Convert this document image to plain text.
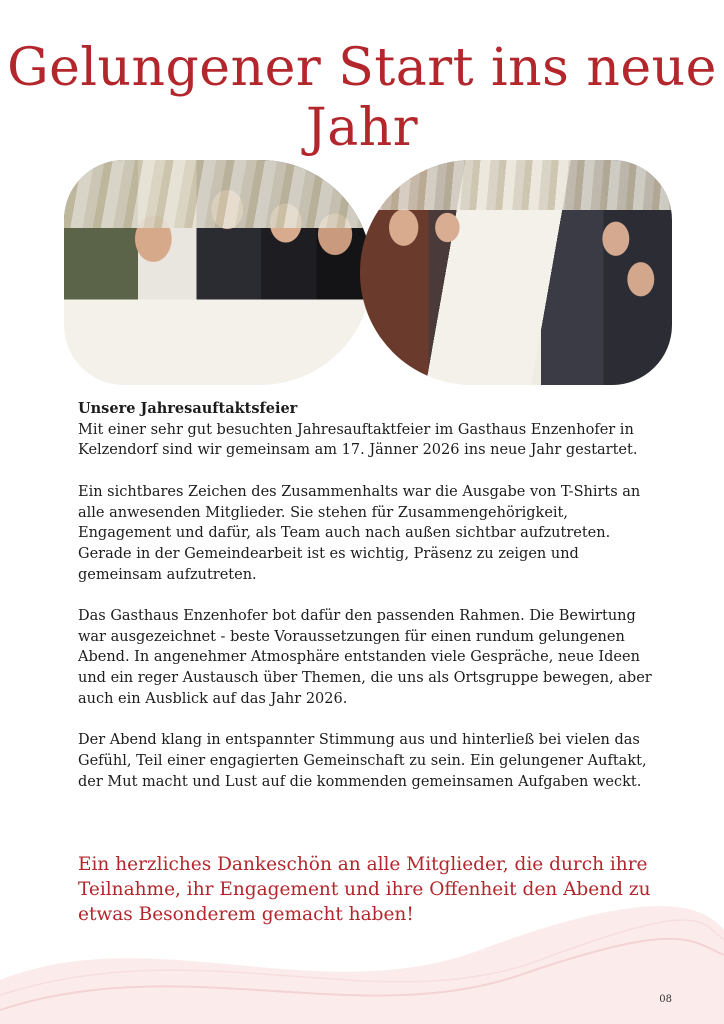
Gelungener Start ins neue Jahr
Unsere Jahresauftaktsfeier

Mit einer sehr gut besuchten Jahresauftaktfeier im Gasthaus Enzenhofer in Kelzendorf sind wir gemeinsam am 17. Jänner 2026 ins neue Jahr gestartet.

Ein sichtbares Zeichen des Zusammenhalts war die Ausgabe von T-Shirts an alle anwesenden Mitglieder. Sie stehen für Zusammengehörigkeit, Engagement und dafür, als Team auch nach außen sichtbar aufzutreten. Gerade in der Gemeindearbeit ist es wichtig, Präsenz zu zeigen und gemeinsam aufzutreten.

Das Gasthaus Enzenhofer bot dafür den passenden Rahmen. Die Bewirtung war ausgezeichnet - beste Voraussetzungen für einen rundum gelungenen Abend. In angenehmer Atmosphäre entstanden viele Gespräche, neue Ideen und ein reger Austausch über Themen, die uns als Ortsgruppe bewegen, aber auch ein Ausblick auf das Jahr 2026.

Der Abend klang in entspannter Stimmung aus und hinterließ bei vielen das Gefühl, Teil einer engagierten Gemeinschaft zu sein. Ein gelungener Auftakt, der Mut macht und Lust auf die kommenden gemeinsamen Aufgaben weckt.

Ein herzliches Dankeschön an alle Mitglieder, die durch ihre Teilnahme, ihr Engagement und ihre Offenheit den Abend zu etwas Besonderem gemacht haben!

08
